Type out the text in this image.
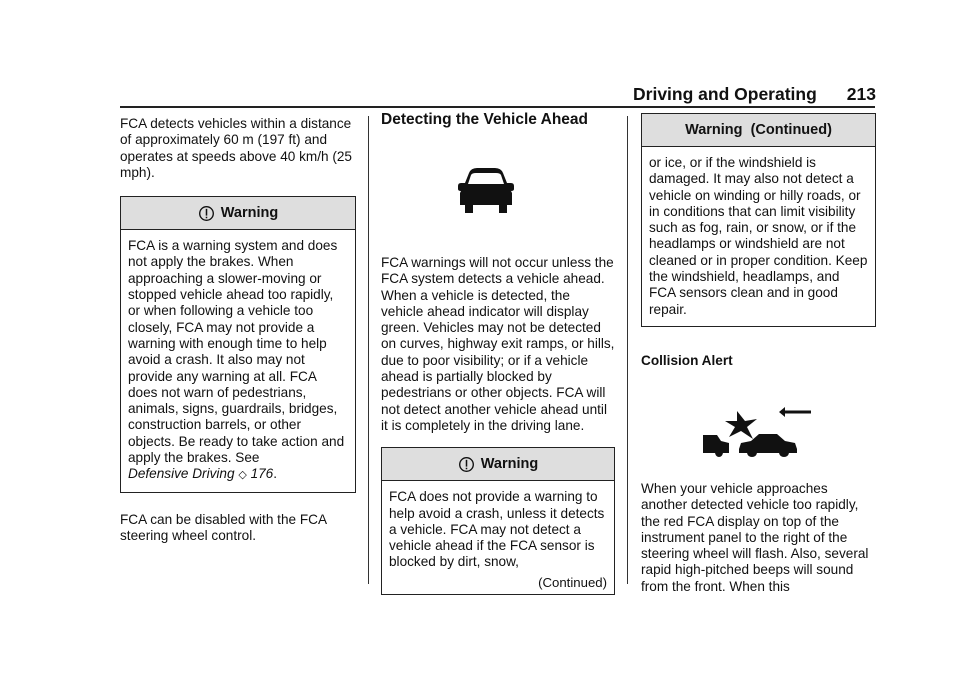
Driving and Operating 213

FCA detects vehicles within a distance of approximately 60 m (197 ft) and operates at speeds above 40 km/h (25 mph).

Warning
FCA is a warning system and does not apply the brakes. When approaching a slower-moving or stopped vehicle ahead too rapidly, or when following a vehicle too closely, FCA may not provide a warning with enough time to help avoid a crash. It also may not provide any warning at all. FCA does not warn of pedestrians, animals, signs, guardrails, bridges, construction barrels, or other objects. Be ready to take action and apply the brakes. See
Defensive Driving ◇ 176.

FCA can be disabled with the FCA steering wheel control.

Detecting the Vehicle Ahead

FCA warnings will not occur unless the FCA system detects a vehicle ahead. When a vehicle is detected, the vehicle ahead indicator will display green. Vehicles may not be detected on curves, highway exit ramps, or hills, due to poor visibility; or if a vehicle ahead is partially blocked by pedestrians or other objects. FCA will not detect another vehicle ahead until it is completely in the driving lane.

Warning
FCA does not provide a warning to help avoid a crash, unless it detects a vehicle. FCA may not detect a vehicle ahead if the FCA sensor is blocked by dirt, snow,
(Continued)
Warning  (Continued)
or ice, or if the windshield is damaged. It may also not detect a vehicle on winding or hilly roads, or in conditions that can limit visibility such as fog, rain, or snow, or if the headlamps or windshield are not cleaned or in proper condition. Keep the windshield, headlamps, and FCA sensors clean and in good repair.
Collision Alert

When your vehicle approaches another detected vehicle too rapidly, the red FCA display on top of the instrument panel to the right of the steering wheel will flash. Also, several rapid high-pitched beeps will sound from the front. When this
